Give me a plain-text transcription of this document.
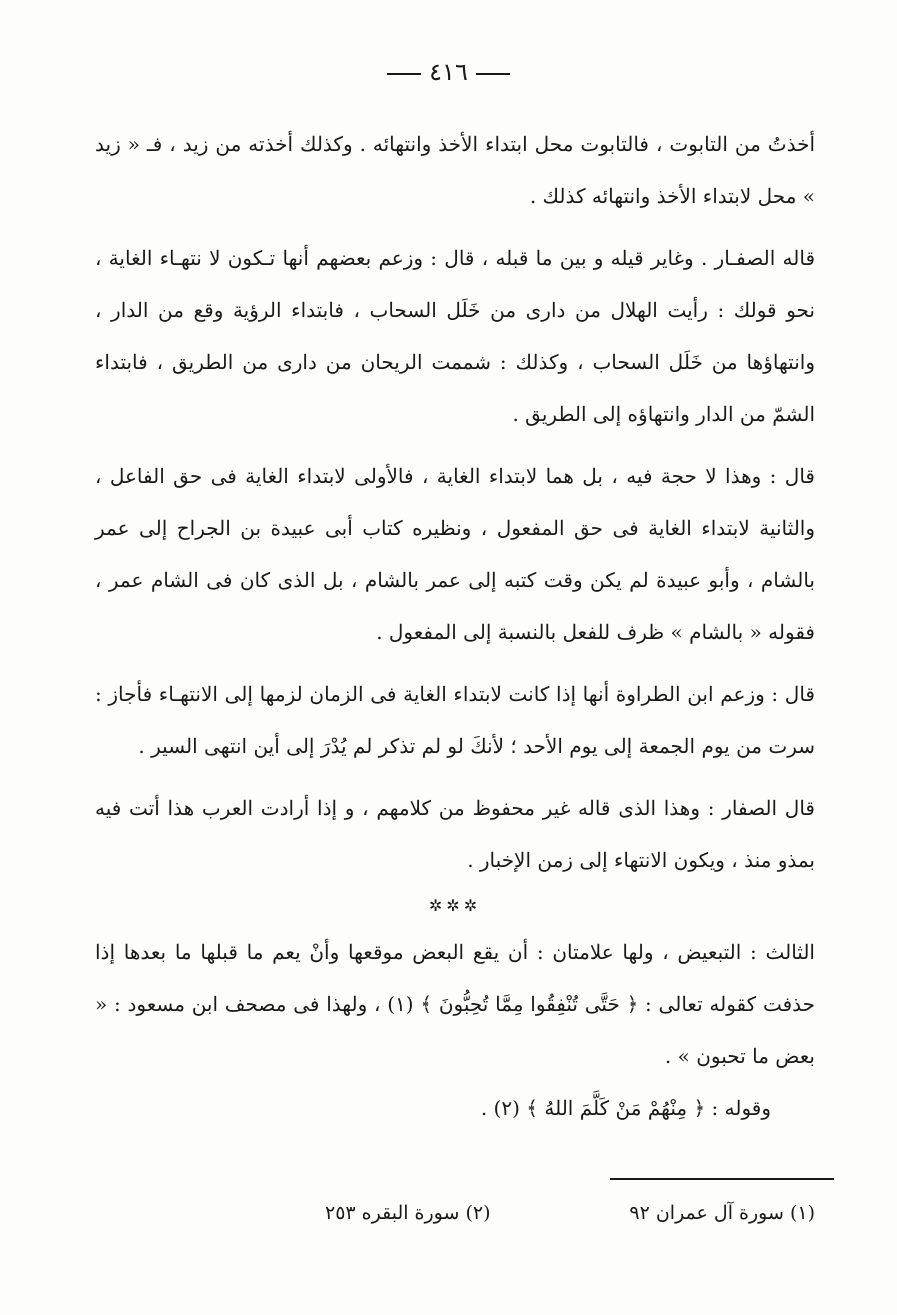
٤١٦

أخذتُ من التابوت ، فالتابوت محل ابتداء الأخذ وانتهائه . وكذلك أخذته من زيد ، فـ « زيد » محل لابتداء الأخذ وانتهائه كذلك .

قاله الصفـار . وغاير قيله و بين ما قبله ، قال : وزعم بعضهم أنها تـكون لا نتهـاء الغاية ، نحو قولك : رأيت الهلال من دارى من خَلَل السحاب ، فابتداء الرؤية وقع من الدار ، وانتهاؤها من خَلَل السحاب ، وكذلك : شممت الريحان من دارى من الطريق ، فابتداء الشمّ من الدار وانتهاؤه إلى الطريق .

قال : وهذا لا حجة فيه ، بل هما لابتداء الغاية ، فالأولى لابتداء الغاية فى حق الفاعل ، والثانية لابتداء الغاية فى حق المفعول ، ونظيره كتاب أبى عبيدة بن الجراح إلى عمر بالشام ، وأبو عبيدة لم يكن وقت كتبه إلى عمر بالشام ، بل الذى كان فى الشام عمر ، فقوله « بالشام » ظرف للفعل بالنسبة إلى المفعول .

قال : وزعم ابن الطراوة أنها إذا كانت لابتداء الغاية فى الزمان لزمها إلى الانتهـاء فأجاز : سرت من يوم الجمعة إلى يوم الأحد ؛ لأنكَ لو لم تذكر لم يُدْرَ إلى أين انتهى السير .

قال الصفار : وهذا الذى قاله غير محفوظ من كلامهم ، و إذا أرادت العرب هذا أتت فيه بمذو منذ ، ويكون الانتهاء إلى زمن الإخبار .

✲✲✲

الثالث : التبعيض ، ولها علامتان : أن يقع البعض موقعها وأنْ يعم ما قبلها ما بعدها إذا حذفت كقوله تعالى : ﴿ حَتَّى تُنْفِقُوا مِمَّا تُحِبُّونَ ﴾ (١) ، ولهذا فى مصحف ابن مسعود : « بعض ما تحبون » .

وقوله : ﴿ مِنْهُمْ مَنْ كَلَّمَ اللهُ ﴾ (٢) .

(١) سورة آل عمران ٩٢
(٢) سورة البقره ٢٥٣
